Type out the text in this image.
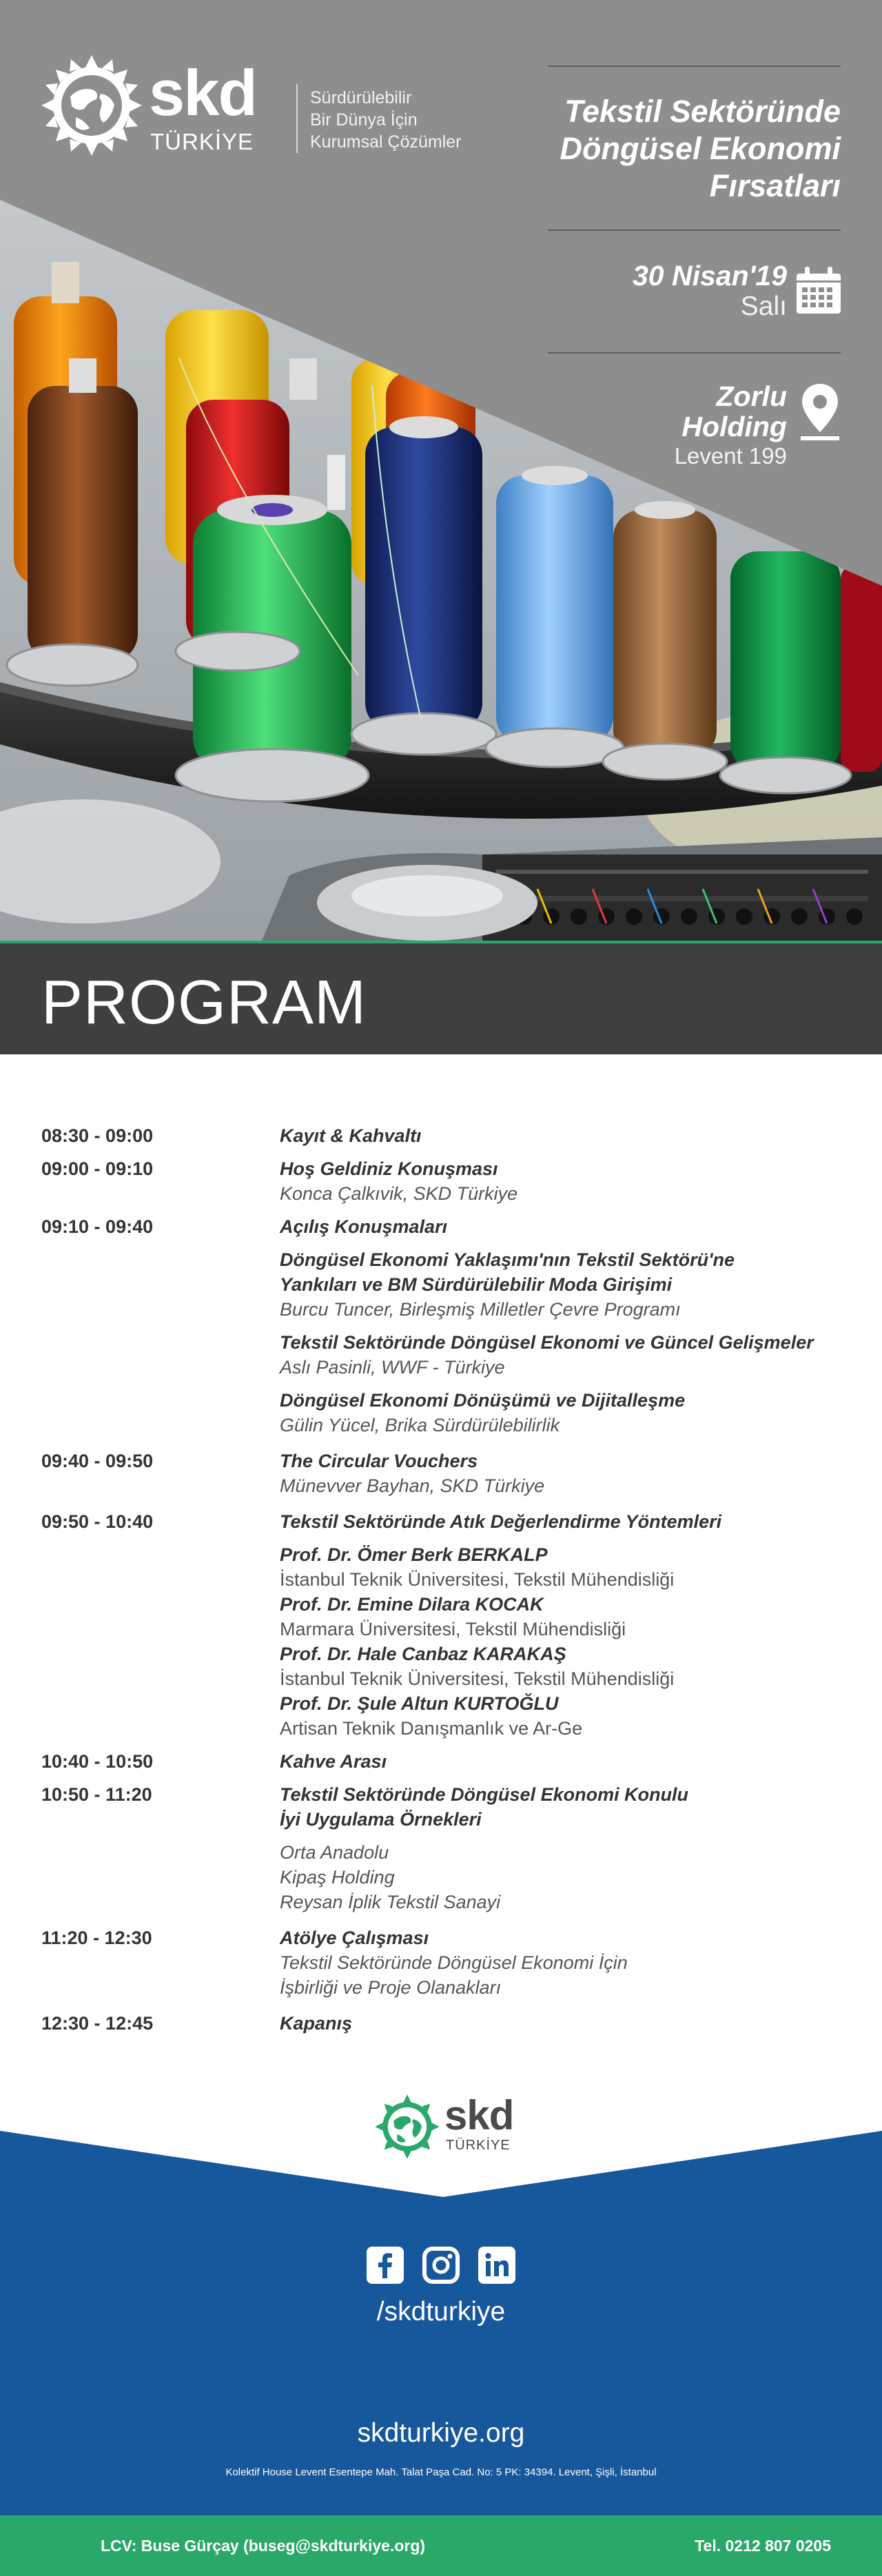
skd
TÜRKİYE
Sürdürülebilir
Bir Dünya İçin
Kurumsal Çözümler
Tekstil Sektöründe
Döngüsel Ekonomi
Fırsatları
30 Nisan'19
Salı
Zorlu
Holding
Levent 199
PROGRAM
08:30 - 09:00	Kayıt & Kahvaltı
09:00 - 09:10	Hoş Geldiniz Konuşması
Konca Çalkıvik, SKD Türkiye
09:10 - 09:40	Açılış Konuşmaları
Döngüsel Ekonomi Yaklaşımı'nın Tekstil Sektörü'ne
Yankıları ve BM Sürdürülebilir Moda Girişimi
Burcu Tuncer, Birleşmiş Milletler Çevre Programı
Tekstil Sektöründe Döngüsel Ekonomi ve Güncel Gelişmeler
Aslı Pasinli, WWF - Türkiye
Döngüsel Ekonomi Dönüşümü ve Dijitalleşme
Gülin Yücel, Brika Sürdürülebilirlik
09:40 - 09:50	The Circular Vouchers
Münevver Bayhan, SKD Türkiye
09:50 - 10:40	Tekstil Sektöründe Atık Değerlendirme Yöntemleri
Prof. Dr. Ömer Berk BERKALP
İstanbul Teknik Üniversitesi, Tekstil Mühendisliği
Prof. Dr. Emine Dilara KOCAK
Marmara Üniversitesi, Tekstil Mühendisliği
Prof. Dr. Hale Canbaz KARAKAŞ
İstanbul Teknik Üniversitesi, Tekstil Mühendisliği
Prof. Dr. Şule Altun KURTOĞLU
Artisan Teknik Danışmanlık ve Ar-Ge
10:40 - 10:50	Kahve Arası
10:50 - 11:20	Tekstil Sektöründe Döngüsel Ekonomi Konulu
İyi Uygulama Örnekleri
Orta Anadolu
Kipaş Holding
Reysan İplik Tekstil Sanayi
11:20 - 12:30	Atölye Çalışması
Tekstil Sektöründe Döngüsel Ekonomi İçin
İşbirliği ve Proje Olanakları
12:30 - 12:45	Kapanış
skd
TÜRKİYE
/skdturkiye
skdturkiye.org
Kolektif House Levent Esentepe Mah. Talat Paşa Cad. No: 5 PK: 34394. Levent, Şişli, İstanbul
LCV: Buse Gürçay (buseg@skdturkiye.org)	Tel. 0212 807 0205
